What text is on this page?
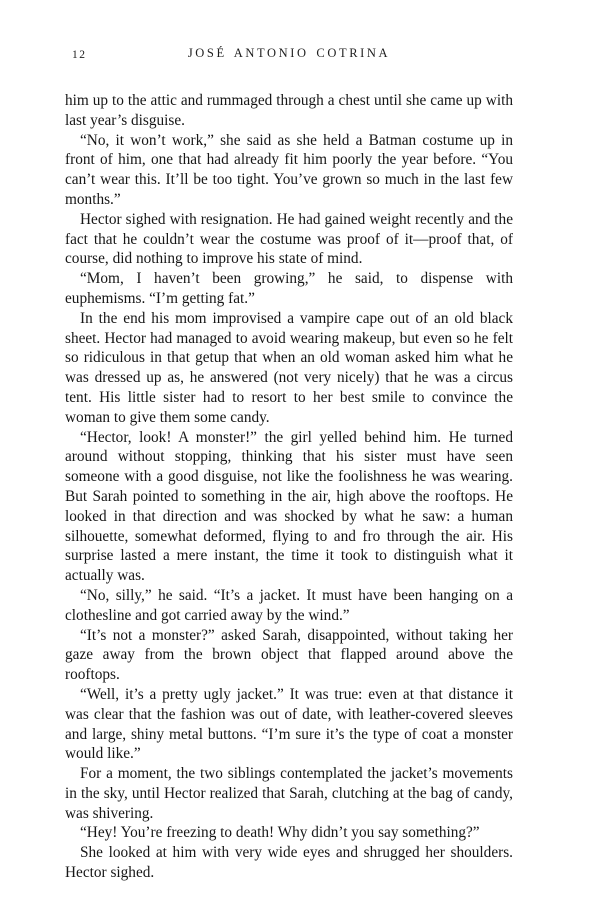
12	JOSÉ ANTONIO COTRINA

him up to the attic and rummaged through a chest until she came up with last year’s disguise.

“No, it won’t work,” she said as she held a Batman costume up in front of him, one that had already fit him poorly the year before. “You can’t wear this. It’ll be too tight. You’ve grown so much in the last few months.”

Hector sighed with resignation. He had gained weight recently and the fact that he couldn’t wear the costume was proof of it—proof that, of course, did nothing to improve his state of mind.

“Mom, I haven’t been growing,” he said, to dispense with euphemisms. “I’m getting fat.”

In the end his mom improvised a vampire cape out of an old black sheet. Hector had managed to avoid wearing makeup, but even so he felt so ridiculous in that getup that when an old woman asked him what he was dressed up as, he answered (not very nicely) that he was a circus tent. His little sister had to resort to her best smile to convince the woman to give them some candy.

“Hector, look! A monster!” the girl yelled behind him. He turned around without stopping, thinking that his sister must have seen someone with a good disguise, not like the foolishness he was wearing. But Sarah pointed to something in the air, high above the rooftops. He looked in that direction and was shocked by what he saw: a human silhouette, somewhat deformed, flying to and fro through the air. His surprise lasted a mere instant, the time it took to distinguish what it actually was.

“No, silly,” he said. “It’s a jacket. It must have been hanging on a clothesline and got carried away by the wind.”

“It’s not a monster?” asked Sarah, disappointed, without taking her gaze away from the brown object that flapped around above the rooftops.

“Well, it’s a pretty ugly jacket.” It was true: even at that distance it was clear that the fashion was out of date, with leather-covered sleeves and large, shiny metal buttons. “I’m sure it’s the type of coat a monster would like.”

For a moment, the two siblings contemplated the jacket’s movements in the sky, until Hector realized that Sarah, clutching at the bag of candy, was shivering.

“Hey! You’re freezing to death! Why didn’t you say something?”

She looked at him with very wide eyes and shrugged her shoulders. Hector sighed.
